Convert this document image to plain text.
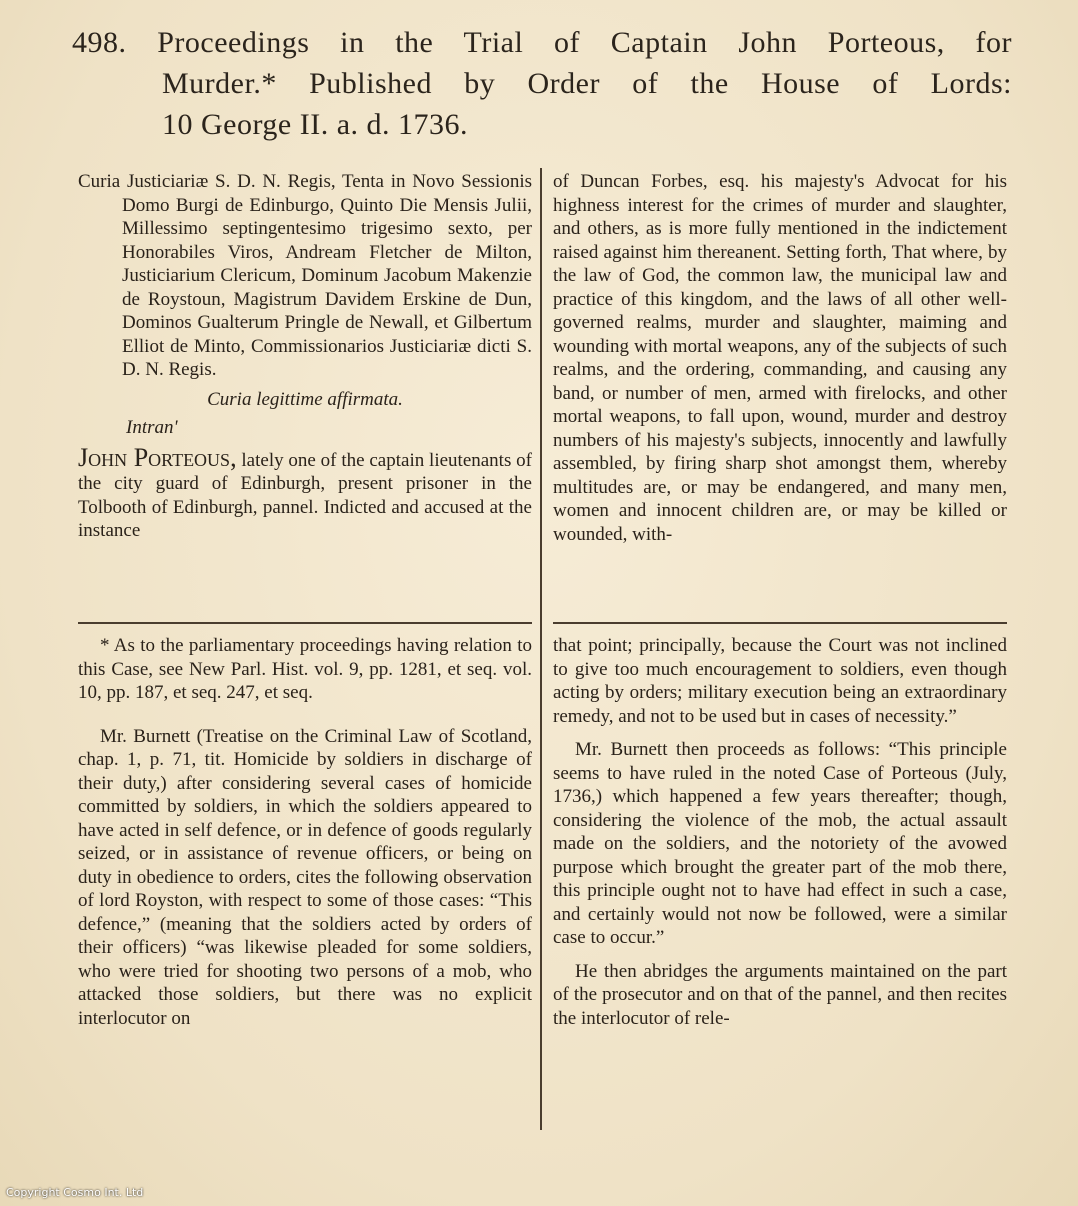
498. Proceedings in the Trial of Captain John Porteous, for
Murder.* Published by Order of the House of Lords:
10 George II. a. d. 1736.

Curia Justiciariæ S. D. N. Regis, Tenta in Novo Sessionis Domo Burgi de Edinburgo, Quinto Die Mensis Julii, Millessimo septingentesimo trigesimo sexto, per Honorabiles Viros, Andream Fletcher de Milton, Justiciarium Clericum, Dominum Jacobum Makenzie de Roystoun, Magistrum Davidem Erskine de Dun, Dominos Gualterum Pringle de Newall, et Gilbertum Elliot de Minto, Commissionarios Justiciariæ dicti S. D. N. Regis.

Curia legittime affirmata.

Intran'

John Porteous, lately one of the captain lieutenants of the city guard of Edinburgh, present prisoner in the Tolbooth of Edinburgh, pannel. Indicted and accused at the instance

* As to the parliamentary proceedings having relation to this Case, see New Parl. Hist. vol. 9, pp. 1281, et seq. vol. 10, pp. 187, et seq. 247, et seq.

Mr. Burnett (Treatise on the Criminal Law of Scotland, chap. 1, p. 71, tit. Homicide by soldiers in discharge of their duty,) after considering several cases of homicide committed by soldiers, in which the soldiers appeared to have acted in self defence, or in defence of goods regularly seized, or in assistance of revenue officers, or being on duty in obedience to orders, cites the following observation of lord Royston, with respect to some of those cases: “This defence,” (meaning that the soldiers acted by orders of their officers) “was likewise pleaded for some soldiers, who were tried for shooting two persons of a mob, who attacked those soldiers, but there was no explicit interlocutor on

of Duncan Forbes, esq. his majesty's Advocat for his highness interest for the crimes of murder and slaughter, and others, as is more fully mentioned in the indictement raised against him thereanent. Setting forth, That where, by the law of God, the common law, the municipal law and practice of this kingdom, and the laws of all other well-governed realms, murder and slaughter, maiming and wounding with mortal weapons, any of the subjects of such realms, and the ordering, commanding, and causing any band, or number of men, armed with firelocks, and other mortal weapons, to fall upon, wound, murder and destroy numbers of his majesty's subjects, innocently and lawfully assembled, by firing sharp shot amongst them, whereby multitudes are, or may be endangered, and many men, women and innocent children are, or may be killed or wounded, with-

that point; principally, because the Court was not inclined to give too much encouragement to soldiers, even though acting by orders; military execution being an extraordinary remedy, and not to be used but in cases of necessity.”

Mr. Burnett then proceeds as follows: “This principle seems to have ruled in the noted Case of Porteous (July, 1736,) which happened a few years thereafter; though, considering the violence of the mob, the actual assault made on the soldiers, and the notoriety of the avowed purpose which brought the greater part of the mob there, this principle ought not to have had effect in such a case, and certainly would not now be followed, were a similar case to occur.”

He then abridges the arguments maintained on the part of the prosecutor and on that of the pannel, and then recites the interlocutor of rele-

Copyright Cosmo Int. Ltd
